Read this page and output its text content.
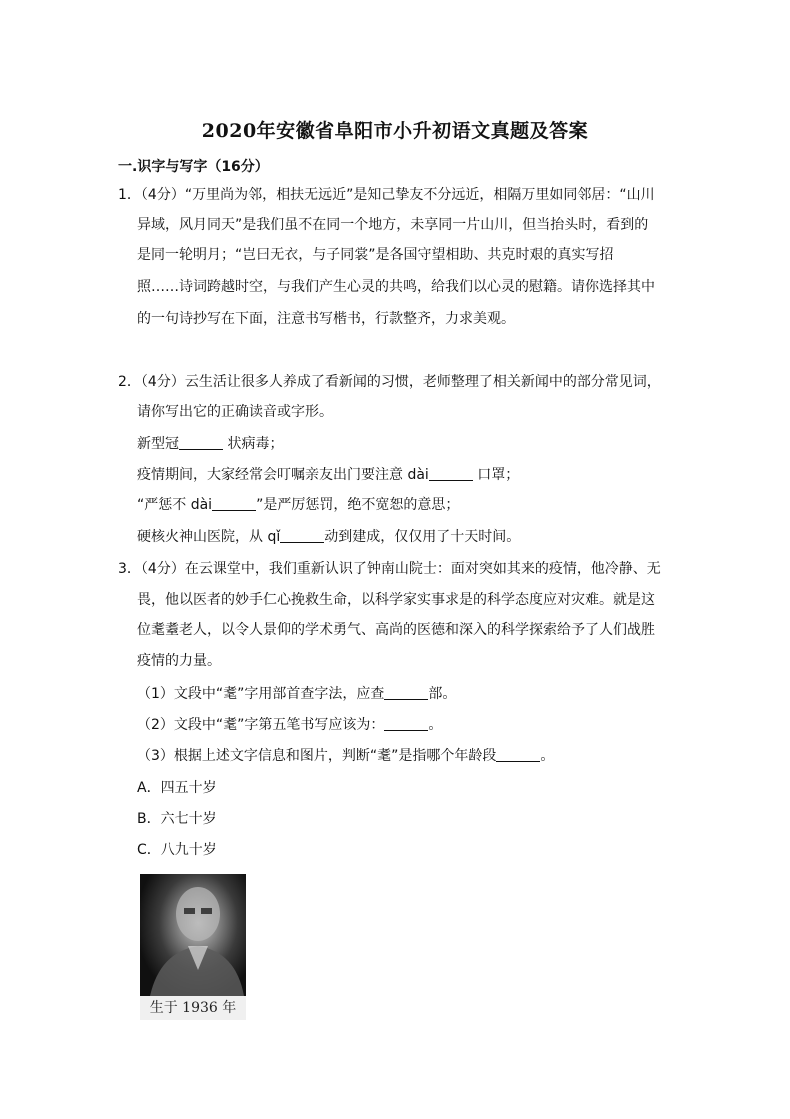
2020年安徽省阜阳市小升初语文真题及答案
一.识字与写字（16分）
1．（4分）“万里尚为邻，相扶无远近”是知己挚友不分远近，相隔万里如同邻居：“山川
异域，风月同天”是我们虽不在同一个地方，未享同一片山川，但当抬头时，看到的
是同一轮明月；“岂曰无衣，与子同裳”是各国守望相助、共克时艰的真实写招
照……诗词跨越时空，与我们产生心灵的共鸣，给我们以心灵的慰籍。请你选择其中
的一句诗抄写在下面，注意书写楷书，行款整齐，力求美观。
2．（4分）云生活让很多人养成了看新闻的习惯，老师整理了相关新闻中的部分常见词，
请你写出它的正确读音或字形。
新型冠	状病毒；
疫情期间，大家经常会叮嘱亲友出门要注意 dài	口罩；
“严惩不 dài	”是严厉惩罚，绝不宽恕的意思；
硬核火神山医院，从 qǐ	动到建成，仅仅用了十天时间。
3．（4分）在云课堂中，我们重新认识了钟南山院士：面对突如其来的疫情，他冷静、无
畏，他以医者的妙手仁心挽救生命，以科学家实事求是的科学态度应对灾难。就是这
位耄耋老人，以令人景仰的学术勇气、高尚的医德和深入的科学探索给予了人们战胜
疫情的力量。
（1）文段中“耄”字用部首查字法，应查	部。
（2）文段中“耄”字第五笔书写应该为：	。
（3）根据上述文字信息和图片，判断“耄”是指哪个年龄段	。
A．四五十岁
B．六七十岁
C．八九十岁
生于 1936 年
